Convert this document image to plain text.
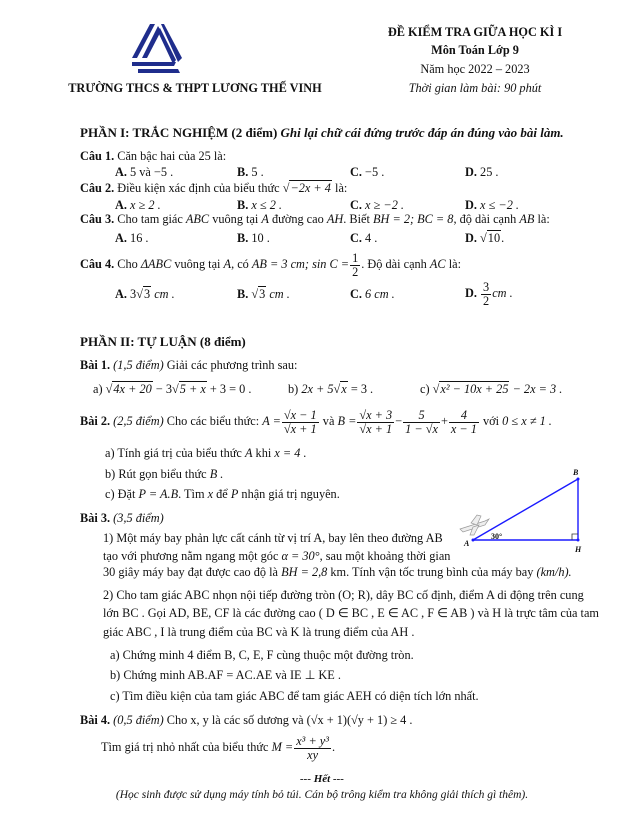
TRƯỜNG THCS & THPT LƯƠNG THẾ VINH
ĐỀ KIỂM TRA GIỮA HỌC KÌ I
Môn Toán Lớp 9
Năm học 2022 – 2023
Thời gian làm bài: 90 phút
PHẦN I: TRẮC NGHIỆM (2 điểm) Ghi lại chữ cái đứng trước đáp án đúng vào bài làm.
Câu 1. Căn bậc hai của 25 là:
A. 5 và −5 .	B. 5 .	C. −5 .	D. 25 .
Câu 2. Điều kiện xác định của biểu thức √−2x + 4 là:
A. x ≥ 2 .	B. x ≤ 2 .	C. x ≥ −2 .	D. x ≤ −2 .
Câu 3. Cho tam giác ABC vuông tại A đường cao AH. Biết BH = 2; BC = 8, độ dài cạnh AB là:
A. 16 .	B. 10 .	C. 4 .	D. √10.
Câu 4. Cho ΔABC vuông tại A, có AB = 3 cm; $\sin C = \frac{1}{2}$ . Độ dài cạnh AC là:
A. 3√3 cm .	B. √3 cm .	C. 6 cm .	D. $\frac{3}{2}$ cm .
PHẦN II: TỰ LUẬN (8 điểm)
Bài 1. (1,5 điểm) Giải các phương trình sau:
a) √4x + 20 − 3√5 + x + 3 = 0 .	b) 2x + 5√x = 3 .	c) √x² − 10x + 25 − 2x = 3 .
Bài 2. (2,5 điểm) Cho các biểu thức: $A = \frac{√x - 1}{√x + 1}$ và $B = \frac{√x + 3}{√x + 1} - \frac{5}{1 - √x} + \frac{4}{x - 1}$ với 0 ≤ x ≠ 1 .
a) Tính giá trị của biểu thức A khi x = 4 .
b) Rút gọn biểu thức B .
c) Đặt P = A.B. Tìm x để P nhận giá trị nguyên.
Bài 3. (3,5 điểm)
1) Một máy bay phản lực cất cánh từ vị trí A, bay lên theo đường AB
tạo với phương nằm ngang một góc α = 30°, sau một khoảng thời gian
30 giây máy bay đạt được cao độ là BH = 2,8 km. Tính vận tốc trung bình của máy bay (km/h).
2) Cho tam giác ABC nhọn nội tiếp đường tròn (O; R), dây BC cố định, điểm A di động trên cung
lớn BC . Gọi AD, BE, CF là các đường cao ( D ∈ BC , E ∈ AC , F ∈ AB ) và H là trực tâm của tam
giác ABC , I là trung điểm của BC và K là trung điểm của AH .
a) Chứng minh 4 điểm B, C, E, F cùng thuộc một đường tròn.
b) Chứng minh AB.AF = AC.AE và IE ⊥ KE .
c) Tìm điều kiện của tam giác ABC để tam giác AEH có diện tích lớn nhất.
A
B
H
30°
Bài 4. (0,5 điểm) Cho x, y là các số dương và (√x + 1)(√y + 1) ≥ 4 .
Tìm giá trị nhỏ nhất của biểu thức $M = \frac{\text{x³ + y³}}{xy}$ .
--- Hết ---
(Học sinh được sử dụng máy tính bỏ túi. Cán bộ trông kiểm tra không giải thích gì thêm).
